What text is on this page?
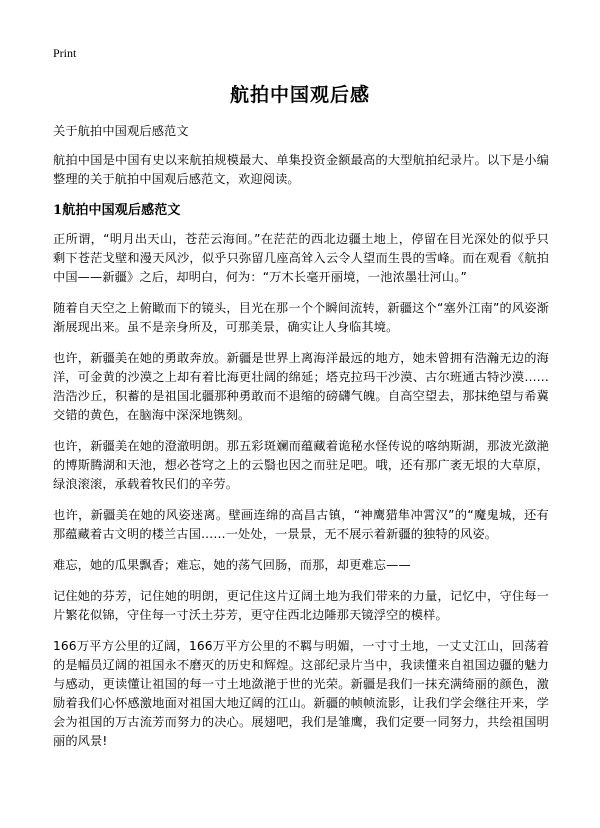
Print
航拍中国观后感

关于航拍中国观后感范文

航拍中国是中国有史以来航拍规模最大、单集投资金额最高的大型航拍纪录片。以下是小编整理的关于航拍中国观后感范文，欢迎阅读。

1航拍中国观后感范文

正所谓，“明月出天山，苍茫云海间。”在茫茫的西北边疆土地上，停留在目光深处的似乎只剩下苍茫戈壁和漫天风沙，似乎只弥留几座高耸入云令人望而生畏的雪峰。而在观看《航拍中国——新疆》之后，却明白，何为：“万木长毫开丽境，一池浓墨壮河山。”

随着自天空之上俯瞰而下的镜头，目光在那一个个瞬间流转，新疆这个“塞外江南”的风姿渐渐展现出来。虽不是亲身所及，可那美景，确实让人身临其境。

也许，新疆美在她的勇敢奔放。新疆是世界上离海洋最远的地方，她未曾拥有浩瀚无边的海洋，可金黄的沙漠之上却有着比海更壮阔的绵延；塔克拉玛干沙漠、古尔班通古特沙漠……浩浩沙丘，积蓄的是祖国北疆那种勇敢而不退缩的磅礴气魄。自高空望去，那抹绝望与希冀交错的黄色，在脑海中深深地镌刻。

也许，新疆美在她的澄澈明朗。那五彩斑斓而蕴藏着诡秘水怪传说的喀纳斯湖，那波光潋滟的博斯腾湖和天池，想必苍穹之上的云翳也因之而驻足吧。哦，还有那广袤无垠的大草原，绿浪滚滚，承载着牧民们的辛劳。

也许，新疆美在她的风姿迷离。壁画连绵的高昌古镇，“神鹰猎隼冲霄汉”的“魔鬼城，还有那蕴藏着古文明的楼兰古国……一处处，一景景，无不展示着新疆的独特的风姿。

难忘，她的瓜果飘香；难忘，她的荡气回肠，而那，却更难忘——

记住她的芬芳，记住她的明朗，更记住这片辽阔土地为我们带来的力量，记忆中，守住每一片繁花似锦，守住每一寸沃土芬芳，更守住西北边陲那天镜浮空的模样。

166万平方公里的辽阔，166万平方公里的不羁与明媚，一寸寸土地，一丈丈江山，回荡着的是幅员辽阔的祖国永不磨灭的历史和辉煌。这部纪录片当中，我读懂来自祖国边疆的魅力与感动，更读懂让祖国的每一寸土地潋滟于世的光荣。新疆是我们一抹充满绮丽的颜色，激励着我们心怀感激地面对祖国大地辽阔的江山。新疆的帧帧流影，让我们学会继往开来，学会为祖国的万古流芳而努力的决心。展翅吧，我们是雏鹰，我们定要一同努力，共绘祖国明丽的风景!
